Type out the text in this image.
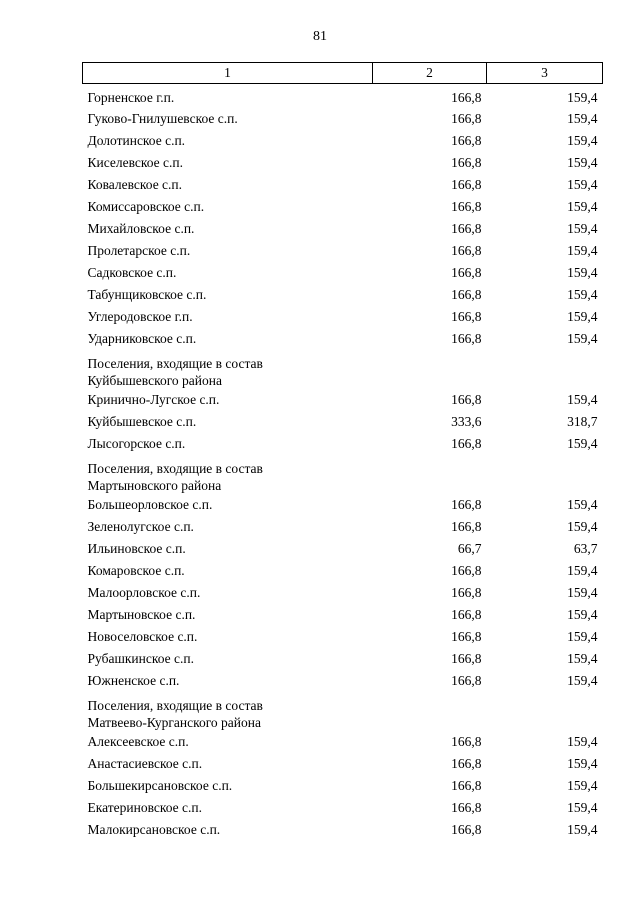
81
1	2	3
Горненское г.п.	166,8	159,4
Гуково-Гнилушевское с.п.	166,8	159,4
Долотинское с.п.	166,8	159,4
Киселевское с.п.	166,8	159,4
Ковалевское с.п.	166,8	159,4
Комиссаровское с.п.	166,8	159,4
Михайловское с.п.	166,8	159,4
Пролетарское с.п.	166,8	159,4
Садковское с.п.	166,8	159,4
Табунщиковское с.п.	166,8	159,4
Углеродовское г.п.	166,8	159,4
Ударниковское с.п.	166,8	159,4
Поселения, входящие в состав
Куйбышевского района		
Кринично-Лугское с.п.	166,8	159,4
Куйбышевское с.п.	333,6	318,7
Лысогорское с.п.	166,8	159,4
Поселения, входящие в состав
Мартыновского района		
Большеорловское с.п.	166,8	159,4
Зеленолугское с.п.	166,8	159,4
Ильиновское с.п.	66,7	63,7
Комаровское с.п.	166,8	159,4
Малоорловское с.п.	166,8	159,4
Мартыновское с.п.	166,8	159,4
Новоселовское с.п.	166,8	159,4
Рубашкинское с.п.	166,8	159,4
Южненское с.п.	166,8	159,4
Поселения, входящие в состав
Матвеево-Курганского района		
Алексеевское с.п.	166,8	159,4
Анастасиевское с.п.	166,8	159,4
Большекирсановское с.п.	166,8	159,4
Екатериновское с.п.	166,8	159,4
Малокирсановское с.п.	166,8	159,4
